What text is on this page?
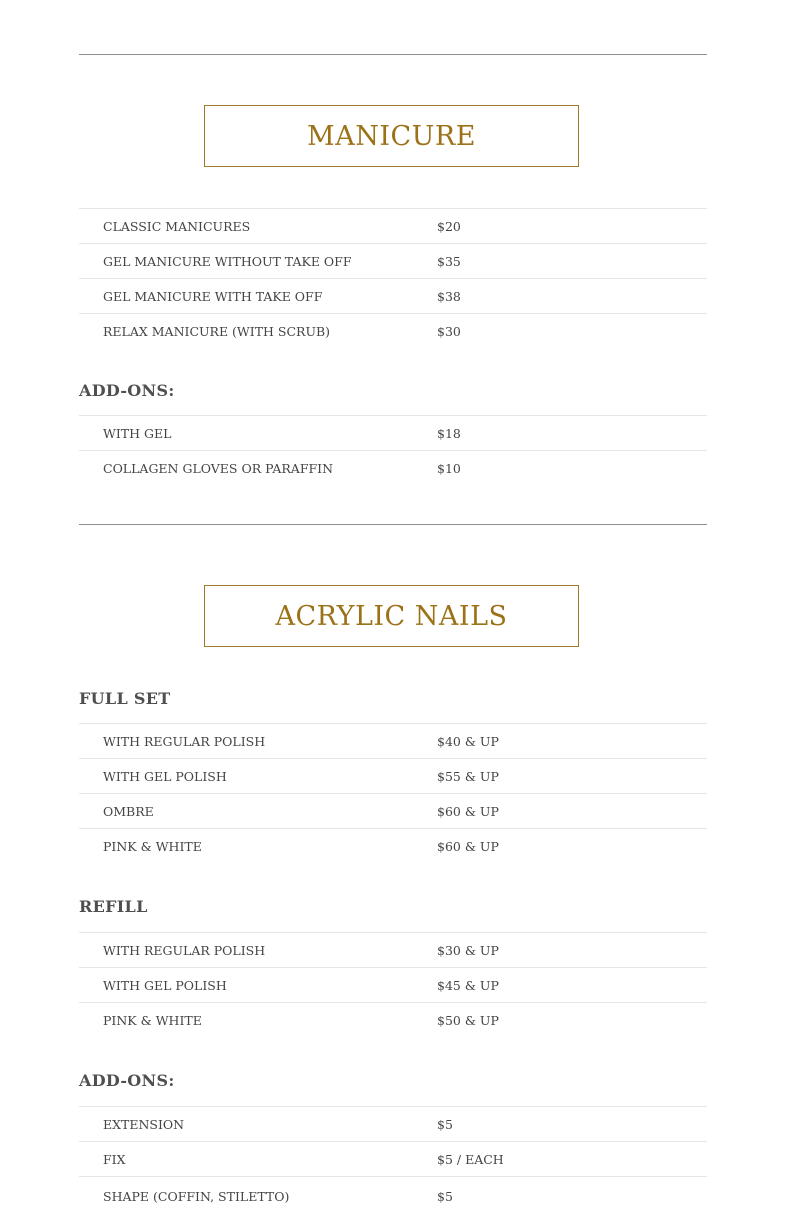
MANICURE
CLASSIC MANICURES	$20
GEL MANICURE WITHOUT TAKE OFF	$35
GEL MANICURE WITH TAKE OFF	$38
RELAX MANICURE (WITH SCRUB)	$30
ADD-ONS:
WITH GEL	$18
COLLAGEN GLOVES OR PARAFFIN	$10
ACRYLIC NAILS
FULL SET
WITH REGULAR POLISH	$40 & UP
WITH GEL POLISH	$55 & UP
OMBRE	$60 & UP
PINK & WHITE	$60 & UP
REFILL
WITH REGULAR POLISH	$30 & UP
WITH GEL POLISH	$45 & UP
PINK & WHITE	$50 & UP
ADD-ONS:
EXTENSION	$5
FIX	$5 / EACH
SHAPE (COFFIN, STILETTO)	$5
